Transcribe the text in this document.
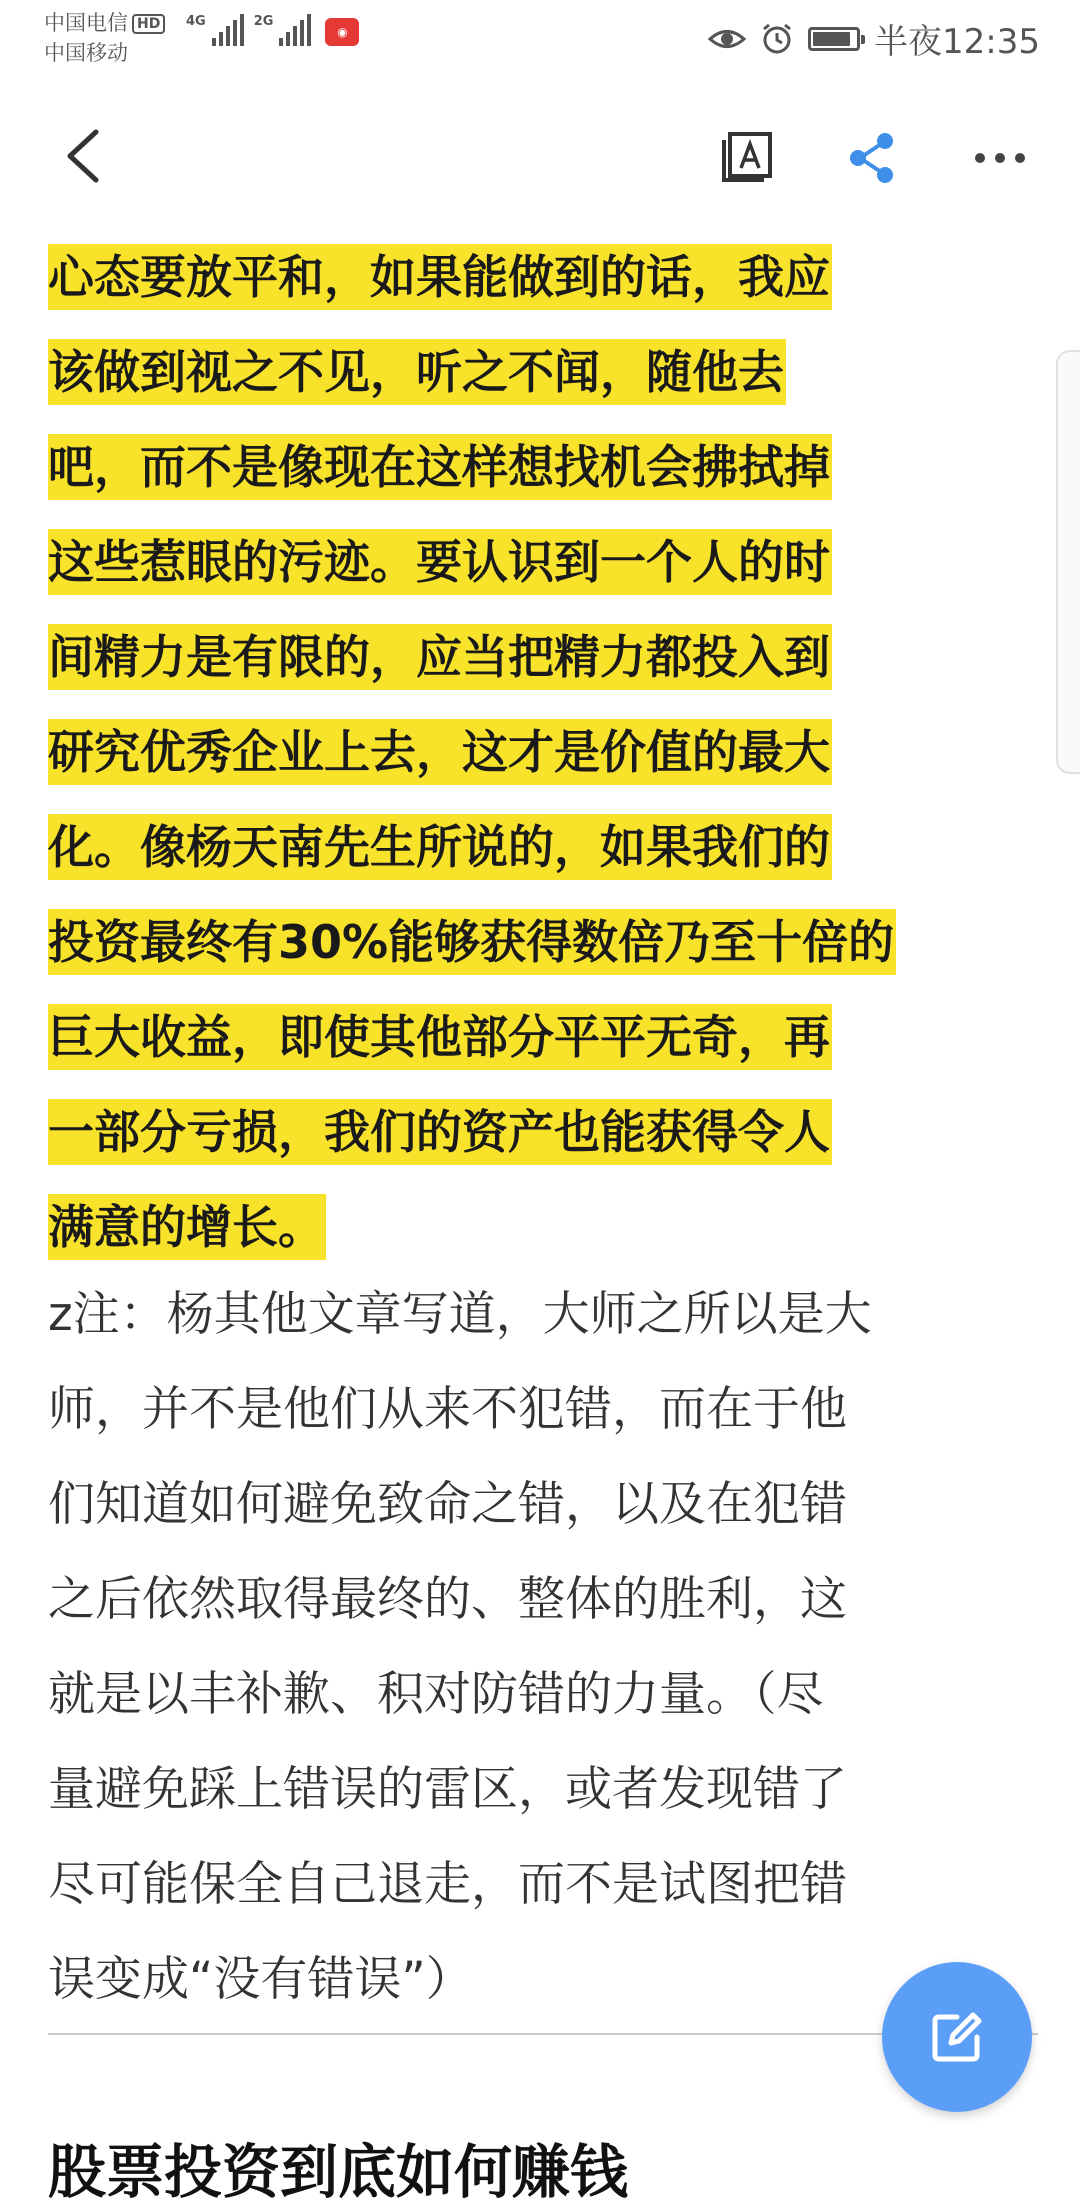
中国电信 HD
中国移动
4G	2G
◉	半夜12:35
心态要放平和，如果能做到的话，我应
该做到视之不见，听之不闻，随他去
吧，而不是像现在这样想找机会拂拭掉
这些惹眼的污迹。要认识到一个人的时
间精力是有限的，应当把精力都投入到
研究优秀企业上去，这才是价值的最大
化。像杨天南先生所说的，如果我们的
投资最终有30%能够获得数倍乃至十倍的
巨大收益，即使其他部分平平无奇，再
一部分亏损，我们的资产也能获得令人
满意的增长。
z注：杨其他文章写道，大师之所以是大
师，并不是他们从来不犯错，而在于他
们知道如何避免致命之错，以及在犯错
之后依然取得最终的、整体的胜利，这
就是以丰补歉、积对防错的力量。（尽
量避免踩上错误的雷区，或者发现错了
尽可能保全自己退走，而不是试图把错
误变成“没有错误”）
股票投资到底如何赚钱
